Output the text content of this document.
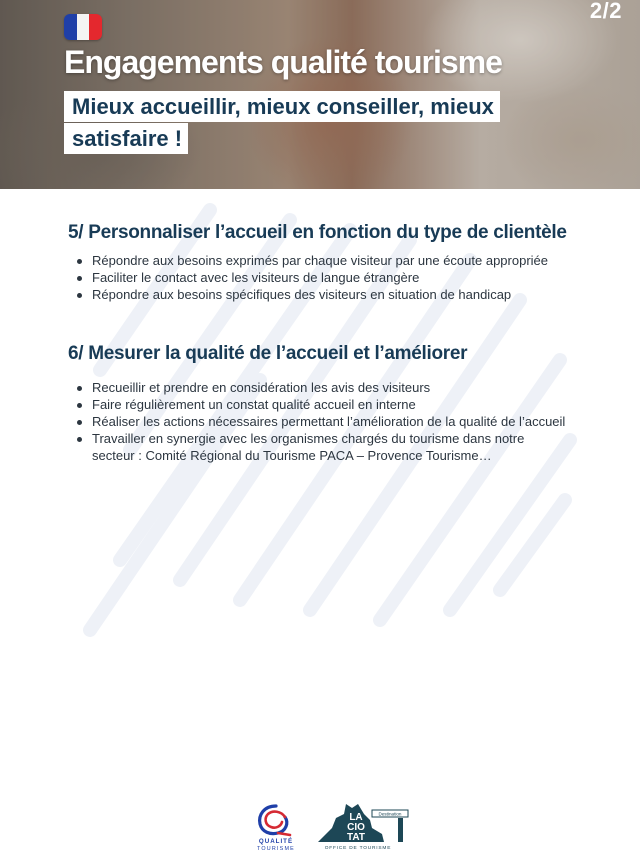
2/2
Engagements qualité tourisme
Mieux accueillir, mieux conseiller, mieux satisfaire !
5/ Personnaliser l’accueil en fonction du type de clientèle
Répondre aux besoins exprimés par chaque visiteur par une écoute appropriée
Faciliter le contact avec les visiteurs de langue étrangère
Répondre aux besoins spécifiques des visiteurs en situation de handicap
6/ Mesurer la qualité de l’accueil et l’améliorer
Recueillir et prendre en considération les avis des visiteurs
Faire régulièrement un constat qualité accueil en interne
Réaliser les actions nécessaires permettant l’amélioration de la qualité de l’accueil
Travailler en synergie avec les organismes chargés du tourisme dans notre secteur : Comité Régional du Tourisme PACA – Provence Tourisme…
QUALITÉ
TOURISME
LA
CIO
TAT
Destination
OFFICE DE TOURISME
